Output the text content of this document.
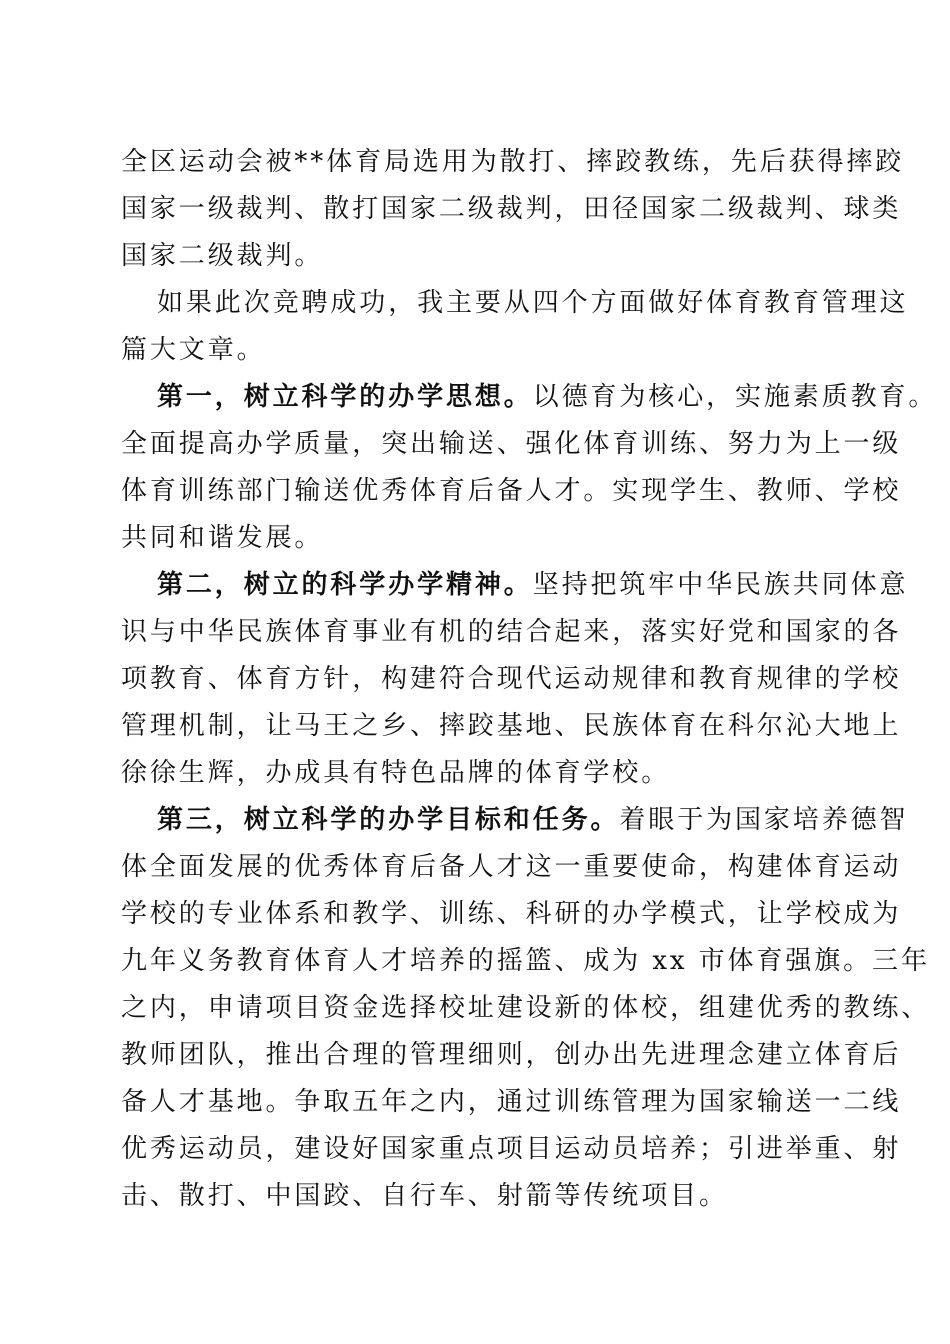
全区运动会被**体育局选用为散打、摔跤教练，先后获得摔跤
国家一级裁判、散打国家二级裁判，田径国家二级裁判、球类
国家二级裁判。
如果此次竞聘成功，我主要从四个方面做好体育教育管理这
篇大文章。
第一，树立科学的办学思想。以德育为核心，实施素质教育。
全面提高办学质量，突出输送、强化体育训练、努力为上一级
体育训练部门输送优秀体育后备人才。实现学生、教师、学校
共同和谐发展。
第二，树立的科学办学精神。坚持把筑牢中华民族共同体意
识与中华民族体育事业有机的结合起来，落实好党和国家的各
项教育、体育方针，构建符合现代运动规律和教育规律的学校
管理机制，让马王之乡、摔跤基地、民族体育在科尔沁大地上
徐徐生辉，办成具有特色品牌的体育学校。
第三，树立科学的办学目标和任务。着眼于为国家培养德智
体全面发展的优秀体育后备人才这一重要使命，构建体育运动
学校的专业体系和教学、训练、科研的办学模式，让学校成为
九年义务教育体育人才培养的摇篮、成为 xx 市体育强旗。三年
之内，申请项目资金选择校址建设新的体校，组建优秀的教练、
教师团队，推出合理的管理细则，创办出先进理念建立体育后
备人才基地。争取五年之内，通过训练管理为国家输送一二线
优秀运动员，建设好国家重点项目运动员培养；引进举重、射
击、散打、中国跤、自行车、射箭等传统项目。
